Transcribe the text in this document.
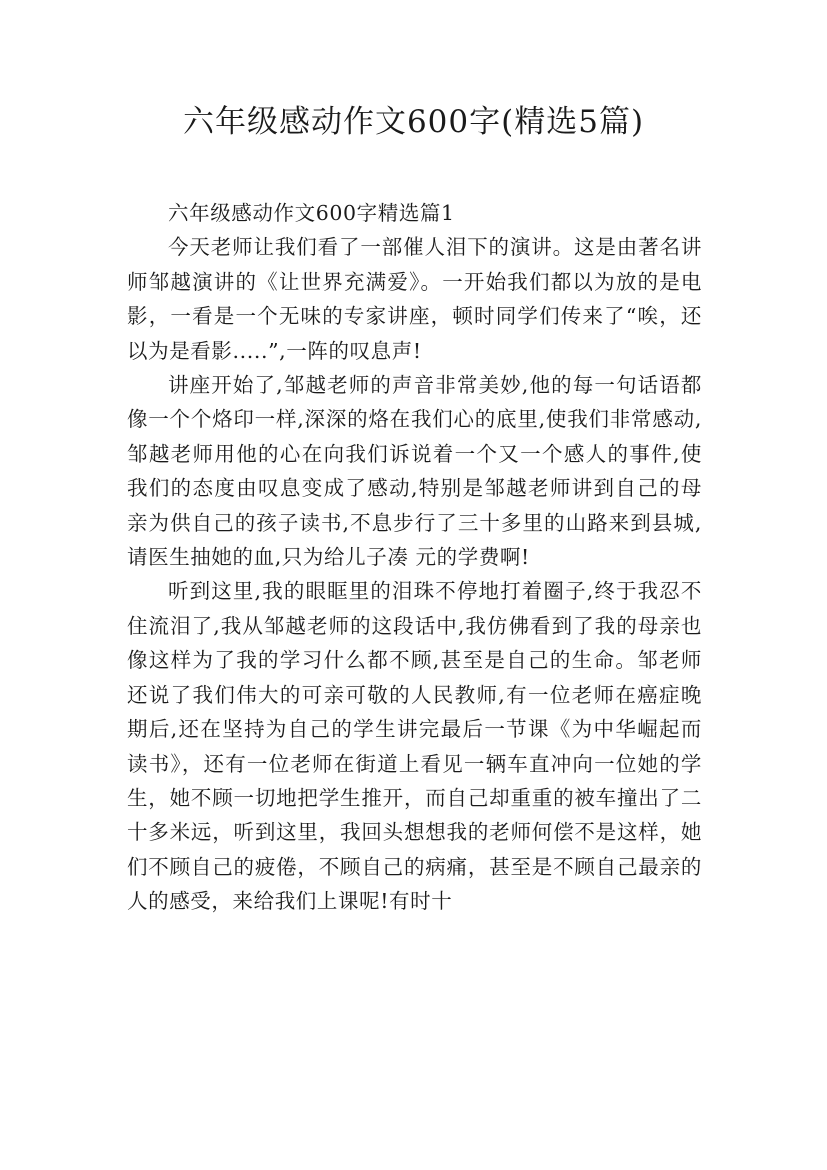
六年级感动作文600字(精选5篇)

六年级感动作文600字精选篇1

今天老师让我们看了一部催人泪下的演讲。这是由著名讲师邹越演讲的《让世界充满爱》。一开始我们都以为放的是电影，一看是一个无味的专家讲座，顿时同学们传来了“唉，还以为是看影.....”,一阵的叹息声!

讲座开始了,邹越老师的声音非常美妙,他的每一句话语都像一个个烙印一样,深深的烙在我们心的底里,使我们非常感动,邹越老师用他的心在向我们诉说着一个又一个感人的事件,使我们的态度由叹息变成了感动,特别是邹越老师讲到自己的母亲为供自己的孩子读书,不息步行了三十多里的山路来到县城,请医生抽她的血,只为给儿子凑 元的学费啊!

听到这里,我的眼眶里的泪珠不停地打着圈子,终于我忍不住流泪了,我从邹越老师的这段话中,我仿佛看到了我的母亲也像这样为了我的学习什么都不顾,甚至是自己的生命。邹老师还说了我们伟大的可亲可敬的人民教师,有一位老师在癌症晚期后,还在坚持为自己的学生讲完最后一节课《为中华崛起而读书》，还有一位老师在街道上看见一辆车直冲向一位她的学生，她不顾一切地把学生推开，而自己却重重的被车撞出了二十多米远，听到这里，我回头想想我的老师何偿不是这样，她们不顾自己的疲倦，不顾自己的病痛，甚至是不顾自己最亲的人的感受，来给我们上课呢!有时十
